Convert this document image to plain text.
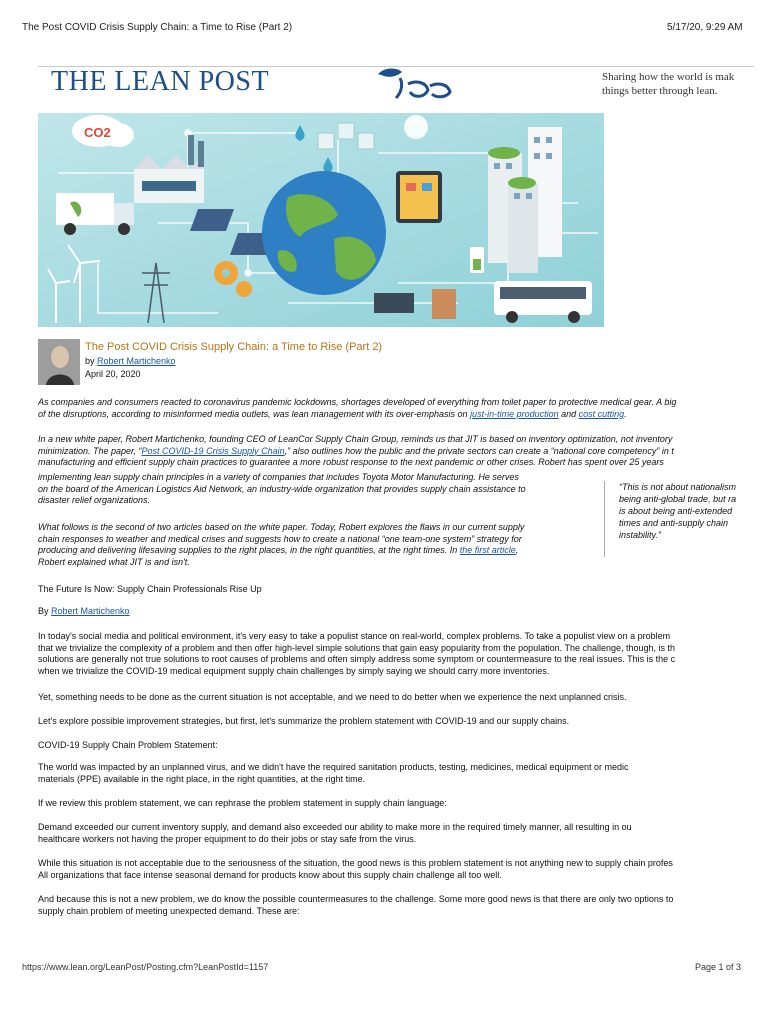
The Post COVID Crisis Supply Chain: a Time to Rise (Part 2)	5/17/20, 9:29 AM
THE LEAN POST	Sharing how the world is mak
things better through lean.
CO2
The Post COVID Crisis Supply Chain: a Time to Rise (Part 2)
by Robert Martichenko
April 20, 2020
As companies and consumers reacted to coronavirus pandemic lockdowns, shortages developed of everything from toilet paper to protective medical gear. A big
of the disruptions, according to misinformed media outlets, was lean management with its over-emphasis on just-in-time production and cost cutting.
In a new white paper, Robert Martichenko, founding CEO of LeanCor Supply Chain Group, reminds us that JIT is based on inventory optimization, not inventory
minimization. The paper, “Post COVID-19 Crisis Supply Chain,” also outlines how the public and the private sectors can create a “national core competency” in t
manufacturing and efficient supply chain practices to guarantee a more robust response to the next pandemic or other crises. Robert has spent over 25 years
implementing lean supply chain principles in a variety of companies that includes Toyota Motor Manufacturing. He serves
on the board of the American Logistics Aid Network, an industry-wide organization that provides supply chain assistance to
disaster relief organizations.
What follows is the second of two articles based on the white paper. Today, Robert explores the flaws in our current supply
chain responses to weather and medical crises and suggests how to create a national “one team-one system” strategy for
producing and delivering lifesaving supplies to the right places, in the right quantities, at the right times. In the first article,
Robert explained what JIT is and isn't.
“This is not about nationalism
being anti-global trade, but ra
is about being anti-extended
times and anti-supply chain
instability.”
The Future Is Now: Supply Chain Professionals Rise Up
By Robert Martichenko
In today's social media and political environment, it's very easy to take a populist stance on real-world, complex problems. To take a populist view on a problem
that we trivialize the complexity of a problem and then offer high-level simple solutions that gain easy popularity from the population. The challenge, though, is th
solutions are generally not true solutions to root causes of problems and often simply address some symptom or countermeasure to the real issues. This is the c
when we trivialize the COVID-19 medical equipment supply chain challenges by simply saying we should carry more inventories.
Yet, something needs to be done as the current situation is not acceptable, and we need to do better when we experience the next unplanned crisis.
Let's explore possible improvement strategies, but first, let's summarize the problem statement with COVID-19 and our supply chains.
COVID-19 Supply Chain Problem Statement:
The world was impacted by an unplanned virus, and we didn't have the required sanitation products, testing, medicines, medical equipment or medic
materials (PPE) available in the right place, in the right quantities, at the right time.
If we review this problem statement, we can rephrase the problem statement in supply chain language:
Demand exceeded our current inventory supply, and demand also exceeded our ability to make more in the required timely manner, all resulting in ou
healthcare workers not having the proper equipment to do their jobs or stay safe from the virus.
While this situation is not acceptable due to the seriousness of the situation, the good news is this problem statement is not anything new to supply chain profes
All organizations that face intense seasonal demand for products know about this supply chain challenge all too well.
And because this is not a new problem, we do know the possible countermeasures to the challenge. Some more good news is that there are only two options to
supply chain problem of meeting unexpected demand. These are:
https://www.lean.org/LeanPost/Posting.cfm?LeanPostId=1157	Page 1 of 3
